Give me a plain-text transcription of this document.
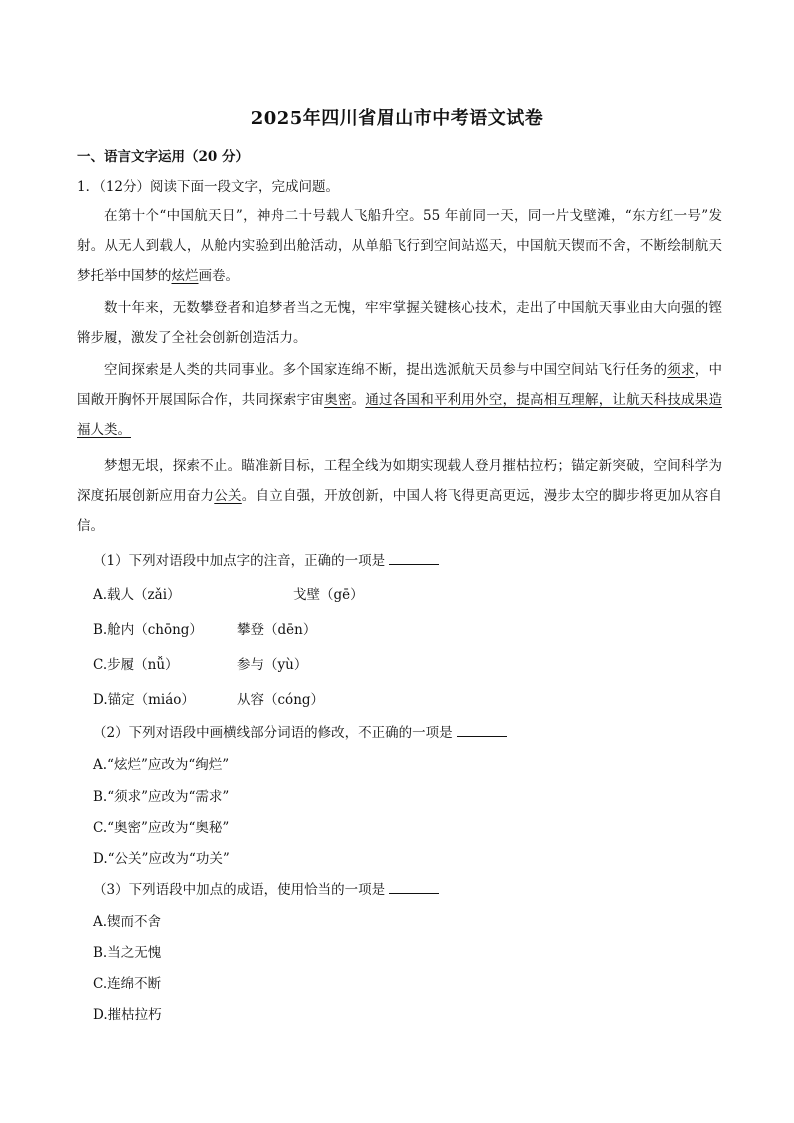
2025年四川省眉山市中考语文试卷
一、语言文字运用（20 分）
1．（12分）阅读下面一段文字，完成问题。
在第十个“中国航天日”，神舟二十号载人飞船升空。55 年前同一天，同一片戈壁滩，“东方红一号”发射。从无人到载人，从舱内实验到出舱活动，从单船飞行到空间站巡天，中国航天锲而不舍，不断绘制航天梦托举中国梦的炫烂画卷。
数十年来，无数攀登者和追梦者当之无愧，牢牢掌握关键核心技术，走出了中国航天事业由大向强的铿锵步履，激发了全社会创新创造活力。
空间探索是人类的共同事业。多个国家连绵不断，提出选派航天员参与中国空间站飞行任务的须求，中国敞开胸怀开展国际合作，共同探索宇宙奥密。通过各国和平利用外空，提高相互理解，让航天科技成果造福人类。
梦想无垠，探索不止。瞄准新目标，工程全线为如期实现载人登月摧枯拉朽；锚定新突破，空间科学为深度拓展创新应用奋力公关。自立自强，开放创新，中国人将飞得更高更远，漫步太空的脚步将更加从容自信。
（1）下列对语段中加点字的注音，正确的一项是
A.载人（zǎi）	戈壁（gē）
B.舱内（chōng）	攀登（dēn）
C.步履（nǚ）	参与（yù）
D.锚定（miáo）	从容（cóng）
（2）下列对语段中画横线部分词语的修改，不正确的一项是
A.“炫烂”应改为“绚烂”
B.“须求”应改为“需求”
C.“奥密”应改为“奥秘”
D.“公关”应改为“功关”
（3）下列语段中加点的成语，使用恰当的一项是
A.锲而不舍
B.当之无愧
C.连绵不断
D.摧枯拉朽
